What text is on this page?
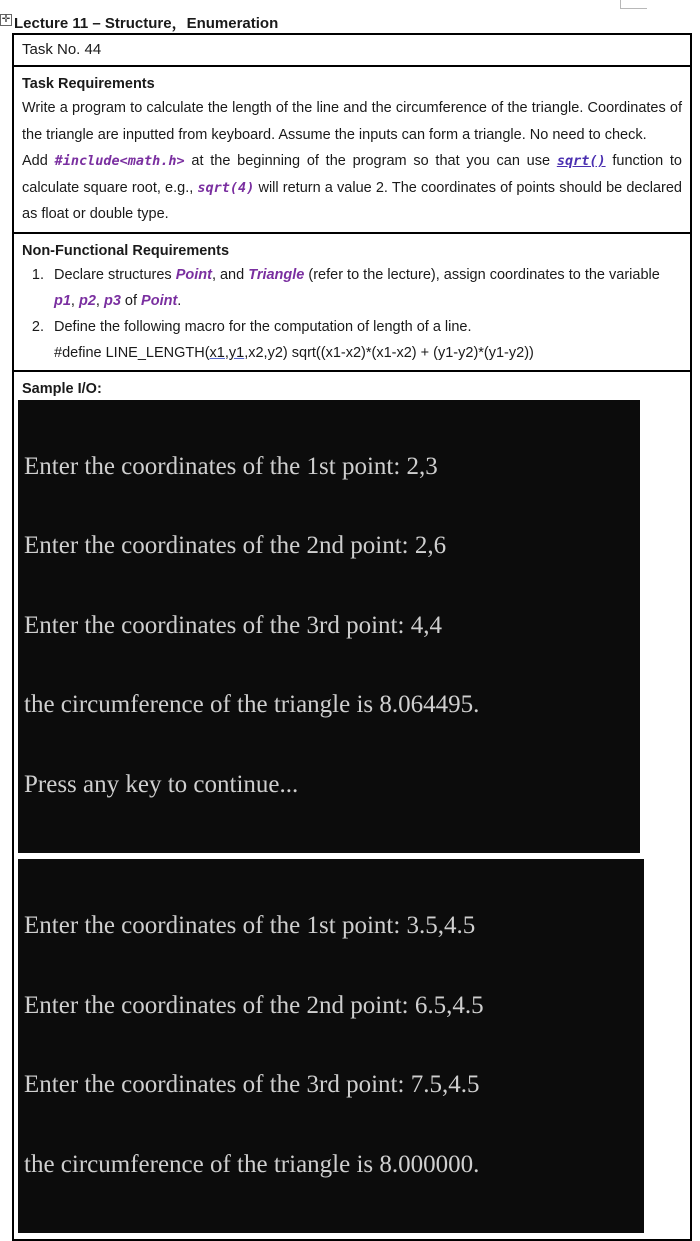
✛ Lecture 11 – Structure，Enumeration
Task No. 44
Task Requirements
Write a program to calculate the length of the line and the circumference of the triangle. Coordinates of the triangle are inputted from keyboard. Assume the inputs can form a triangle. No need to check.
Add #include<math.h> at the beginning of the program so that you can use sqrt() function to calculate square root, e.g., sqrt(4) will return a value 2. The coordinates of points should be declared as float or double type.
Non-Functional Requirements
1. Declare structures Point, and Triangle (refer to the lecture), assign coordinates to the variable p1, p2, p3 of Point.
2. Define the following macro for the computation of length of a line.
#define LINE_LENGTH(x1,y1,x2,y2) sqrt((x1-x2)*(x1-x2) + (y1-y2)*(y1-y2))
Sample I/O:

Enter the coordinates of the 1st point: 2,3

Enter the coordinates of the 2nd point: 2,6

Enter the coordinates of the 3rd point: 4,4

the circumference of the triangle is 8.064495.

Press any key to continue...

Enter the coordinates of the 1st point: 3.5,4.5

Enter the coordinates of the 2nd point: 6.5,4.5

Enter the coordinates of the 3rd point: 7.5,4.5

the circumference of the triangle is 8.000000.
